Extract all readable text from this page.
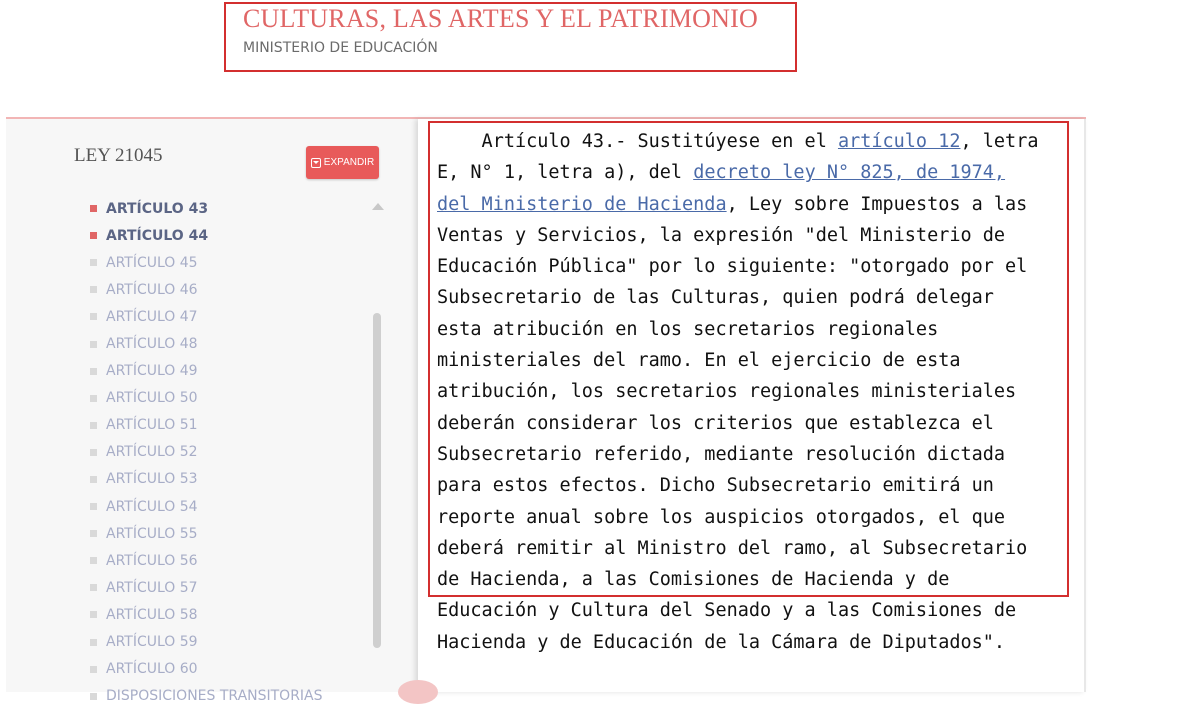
CULTURAS, LAS ARTES Y EL PATRIMONIO
MINISTERIO DE EDUCACIÓN
LEY 21045	EXPANDIR
ARTÍCULO 43
ARTÍCULO 44
ARTÍCULO 45
ARTÍCULO 46
ARTÍCULO 47
ARTÍCULO 48
ARTÍCULO 49
ARTÍCULO 50
ARTÍCULO 51
ARTÍCULO 52
ARTÍCULO 53
ARTÍCULO 54
ARTÍCULO 55
ARTÍCULO 56
ARTÍCULO 57
ARTÍCULO 58
ARTÍCULO 59
ARTÍCULO 60
DISPOSICIONES TRANSITORIAS
Artículo 43.- Sustitúyese en el artículo 12, letra
E, N° 1, letra a), del decreto ley N° 825, de 1974,
del Ministerio de Hacienda, Ley sobre Impuestos a las
Ventas y Servicios, la expresión "del Ministerio de
Educación Pública" por lo siguiente: "otorgado por el
Subsecretario de las Culturas, quien podrá delegar
esta atribución en los secretarios regionales
ministeriales del ramo. En el ejercicio de esta
atribución, los secretarios regionales ministeriales
deberán considerar los criterios que establezca el
Subsecretario referido, mediante resolución dictada
para estos efectos. Dicho Subsecretario emitirá un
reporte anual sobre los auspicios otorgados, el que
deberá remitir al Ministro del ramo, al Subsecretario
de Hacienda, a las Comisiones de Hacienda y de
Educación y Cultura del Senado y a las Comisiones de
Hacienda y de Educación de la Cámara de Diputados".
